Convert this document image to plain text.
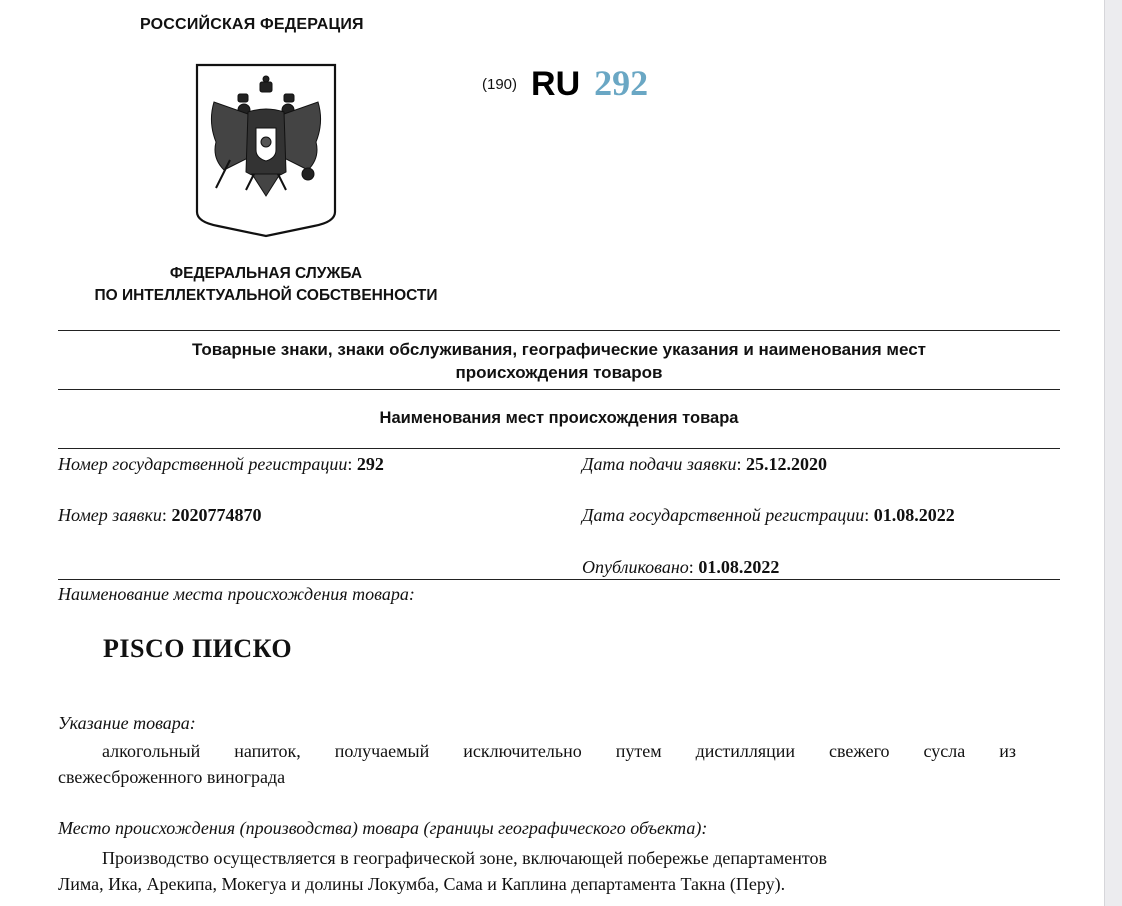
РОССИЙСКАЯ ФЕДЕРАЦИЯ
(190) RU 292
ФЕДЕРАЛЬНАЯ СЛУЖБА
ПО ИНТЕЛЛЕКТУАЛЬНОЙ СОБСТВЕННОСТИ
Товарные знаки, знаки обслуживания, географические указания и наименования мест
происхождения товаров
Наименования мест происхождения товара
Номер государственной регистрации: 292	Дата подачи заявки: 25.12.2020
Номер заявки: 2020774870	Дата государственной регистрации: 01.08.2022
Опубликовано: 01.08.2022
Наименование места происхождения товара:
PISCO ПИСКО
Указание товара:
алкогольный напиток, получаемый исключительно путем дистилляции свежего сусла из
свежесброженного винограда
Место происхождения (производства) товара (границы географического объекта):
Производство осуществляется в географической зоне, включающей побережье департаментов
Лима, Ика, Арекипа, Мокегуа и долины Локумба, Сама и Каплина департамента Такна (Перу).
